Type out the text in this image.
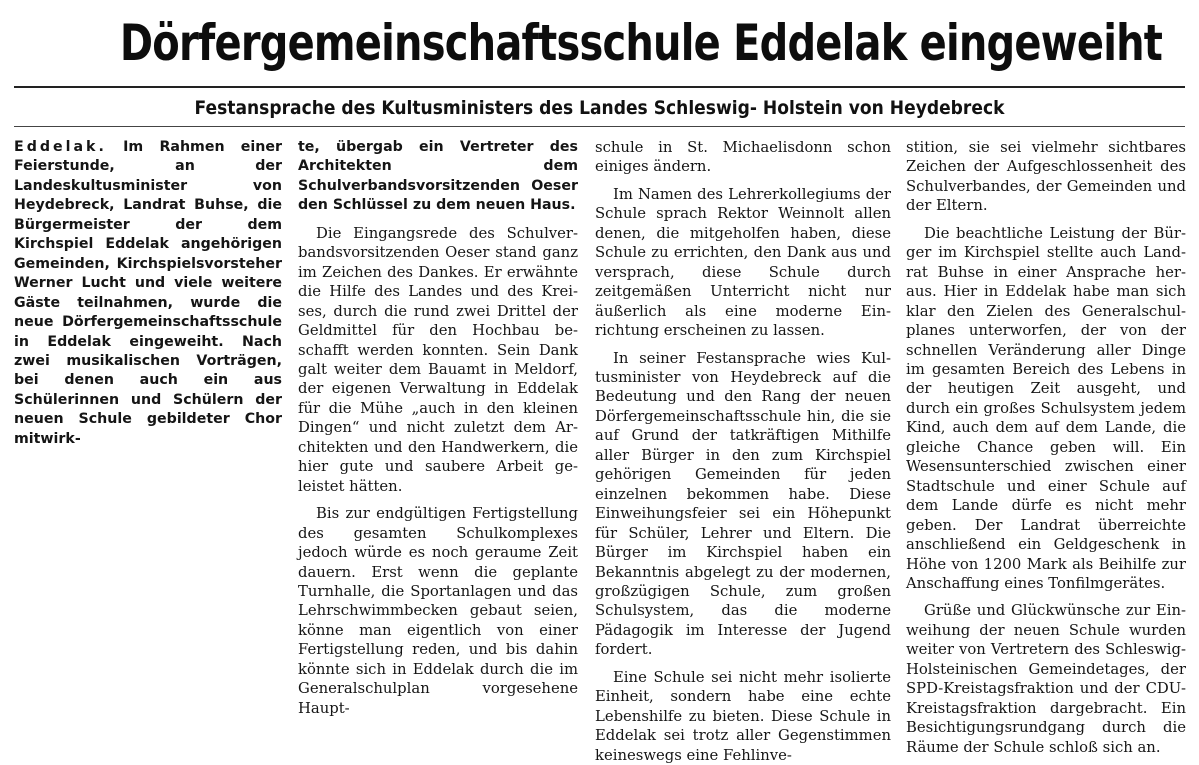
Dörfergemeinschaftsschule Eddelak eingeweiht
Festansprache des Kultusministers des Landes Schleswig- Holstein von Heydebreck

Eddelak. Im Rahmen einer Feierstunde, an der Landeskultusminister von Heydebreck, Landrat Buhse, die Bürgermeister der dem Kirchspiel Eddelak angehörigen Gemeinden, Kirchspielsvorsteher Werner Lucht und viele weitere Gäste teilnahmen, wurde die neue Dörfergemeinschaftsschule in Eddelak eingeweiht. Nach zwei musikalischen Vorträgen, bei denen auch ein aus Schülerinnen und Schülern der neuen Schule gebildeter Chor mitwirk-

te, übergab ein Vertreter des Architekten dem Schulverbandsvorsitzenden Oeser den Schlüssel zu dem neuen Haus.

Die Eingangsrede des Schulverbandsvorsitzenden Oeser stand ganz im Zeichen des Dankes. Er erwähnte die Hilfe des Landes und des Kreises, durch die rund zwei Drittel der Geldmittel für den Hochbau beschafft werden konnten. Sein Dank galt weiter dem Bauamt in Meldorf, der eigenen Verwaltung in Eddelak für die Mühe „auch in den kleinen Dingen“ und nicht zuletzt dem Architekten und den Handwerkern, die hier gute und saubere Arbeit geleistet hätten.

Bis zur endgültigen Fertigstellung des gesamten Schulkomplexes jedoch würde es noch geraume Zeit dauern. Erst wenn die geplante Turnhalle, die Sportanlagen und das Lehrschwimmbecken gebaut seien, könne man eigentlich von einer Fertigstellung reden, und bis dahin könnte sich in Eddelak durch die im Generalschulplan vorgesehene Haupt-

schule in St. Michaelisdonn schon einiges ändern.

Im Namen des Lehrerkollegiums der Schule sprach Rektor Weinnolt allen denen, die mitgeholfen haben, diese Schule zu errichten, den Dank aus und versprach, diese Schule durch zeitgemäßen Unterricht nicht nur äußerlich als eine moderne Einrichtung erscheinen zu lassen.

In seiner Festansprache wies Kultusminister von Heydebreck auf die Bedeutung und den Rang der neuen Dörfergemeinschaftsschule hin, die sie auf Grund der tatkräftigen Mithilfe aller Bürger in den zum Kirchspiel gehörigen Gemeinden für jeden einzelnen bekommen habe. Diese Einweihungsfeier sei ein Höhepunkt für Schüler, Lehrer und Eltern. Die Bürger im Kirchspiel haben ein Bekanntnis abgelegt zu der modernen, großzügigen Schule, zum großen Schulsystem, das die moderne Pädagogik im Interesse der Jugend fordert.

Eine Schule sei nicht mehr isolierte Einheit, sondern habe eine echte Lebenshilfe zu bieten. Diese Schule in Eddelak sei trotz aller Gegenstimmen keineswegs eine Fehlinve-

stition, sie sei vielmehr sichtbares Zeichen der Aufgeschlossenheit des Schulverbandes, der Gemeinden und der Eltern.

Die beachtliche Leistung der Bürger im Kirchspiel stellte auch Landrat Buhse in einer Ansprache heraus. Hier in Eddelak habe man sich klar den Zielen des Generalschulplanes unterworfen, der von der schnellen Veränderung aller Dinge im gesamten Bereich des Lebens in der heutigen Zeit ausgeht, und durch ein großes Schulsystem jedem Kind, auch dem auf dem Lande, die gleiche Chance geben will. Ein Wesensunterschied zwischen einer Stadtschule und einer Schule auf dem Lande dürfe es nicht mehr geben. Der Landrat überreichte anschließend ein Geldgeschenk in Höhe von 1200 Mark als Beihilfe zur Anschaffung eines Tonfilmgerätes.

Grüße und Glückwünsche zur Einweihung der neuen Schule wurden weiter von Vertretern des Schleswig-Holsteinischen Gemeindetages, der SPD-Kreistagsfraktion und der CDU-Kreistagsfraktion dargebracht. Ein Besichtigungsrundgang durch die Räume der Schule schloß sich an.
